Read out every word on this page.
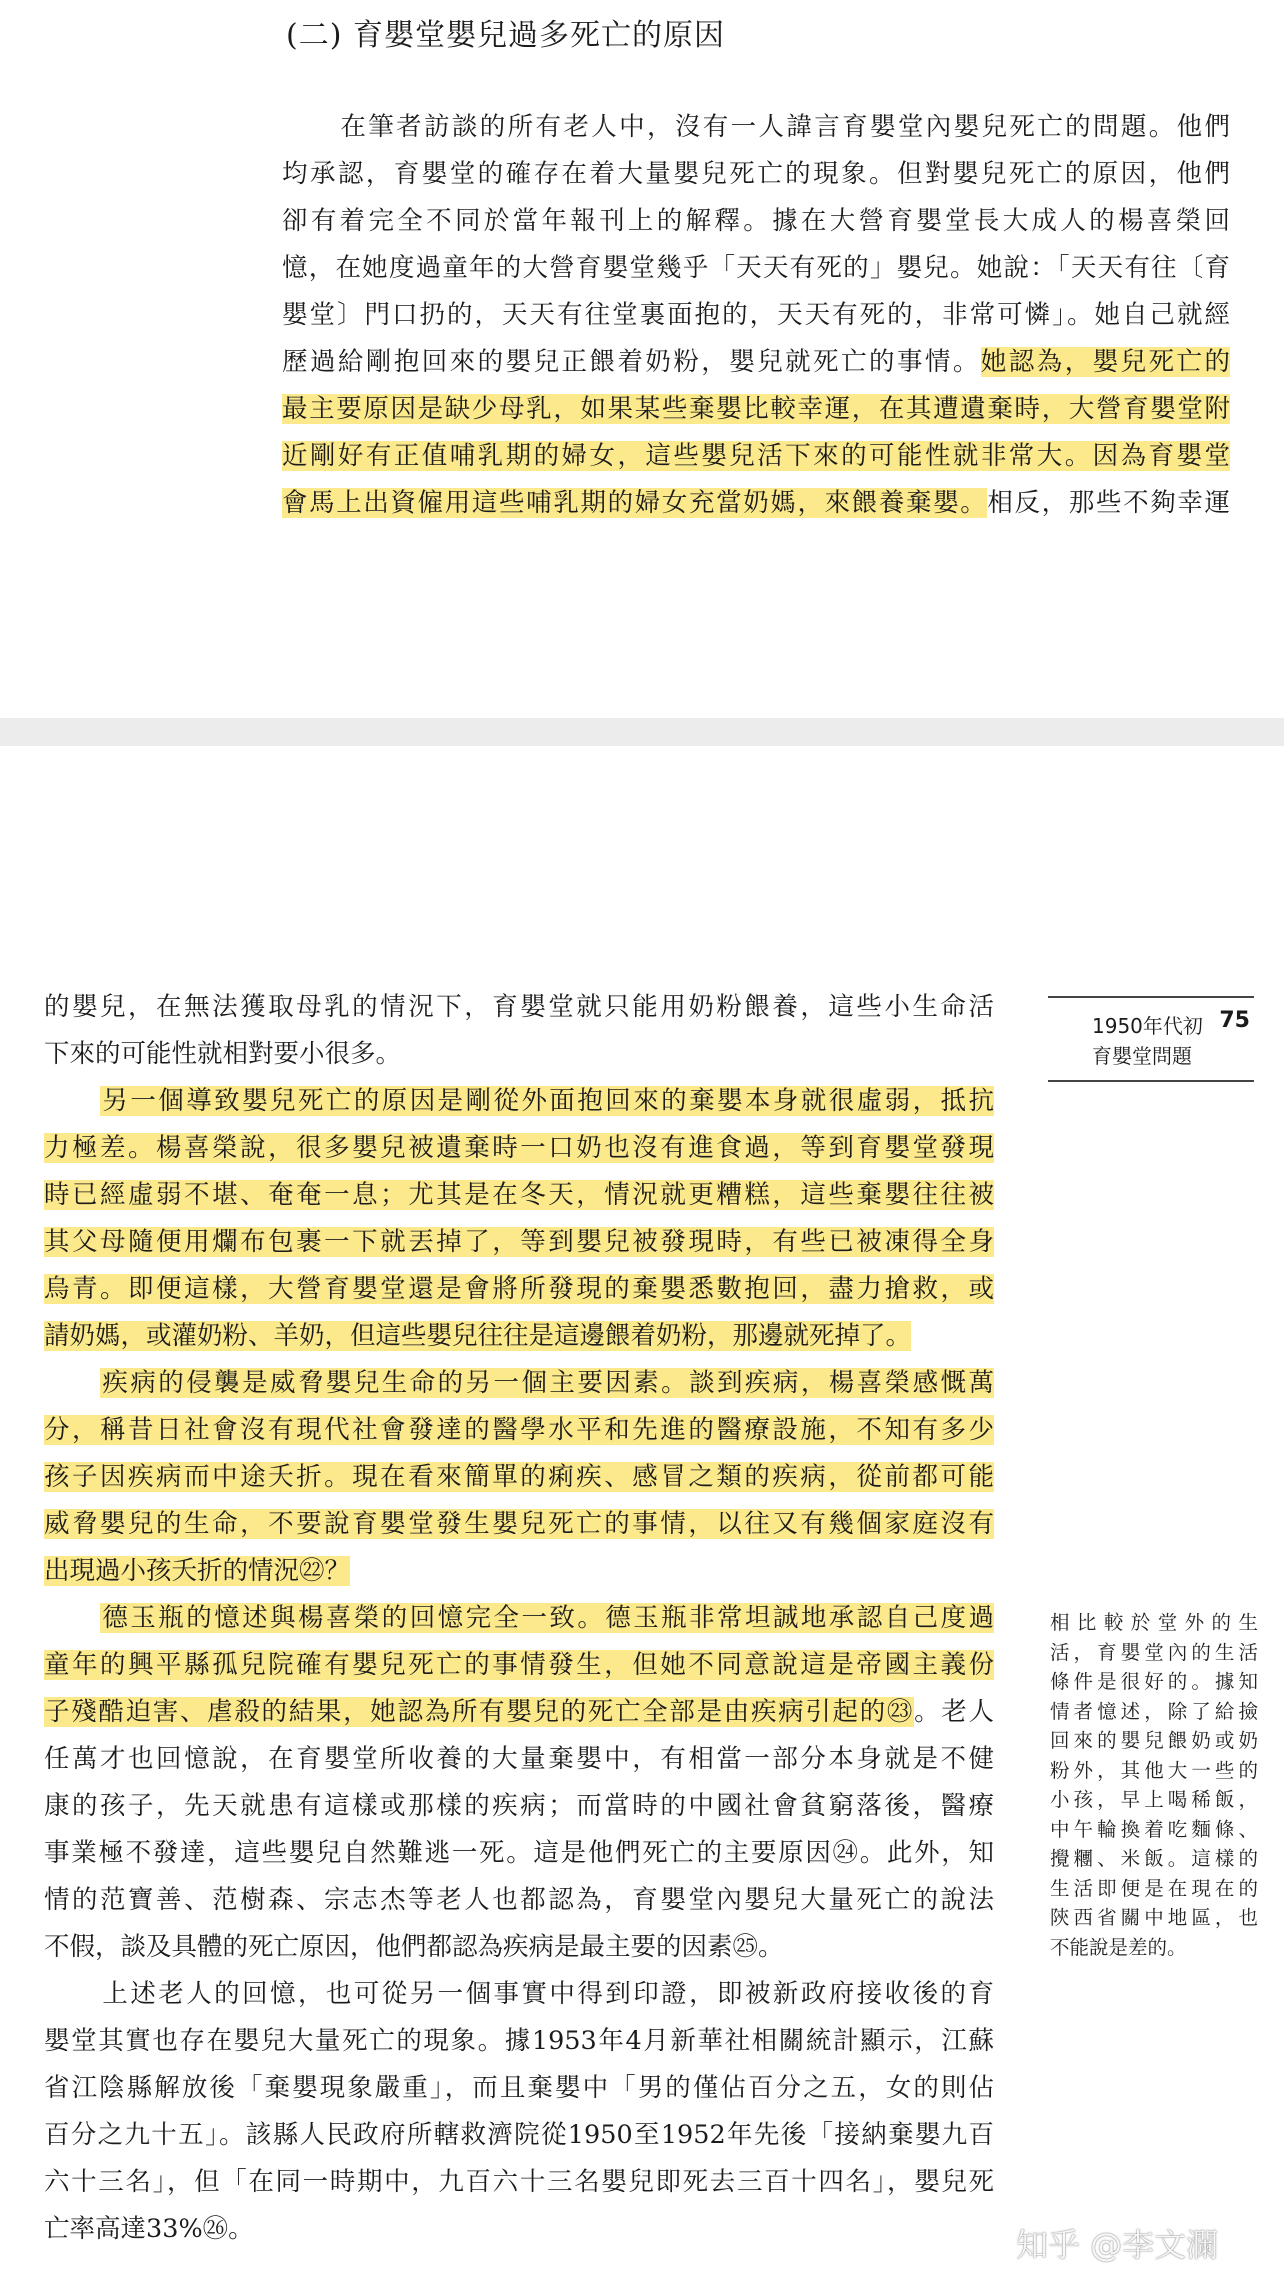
(二) 育嬰堂嬰兒過多死亡的原因
在筆者訪談的所有老人中，沒有一人諱言育嬰堂內嬰兒死亡的問題。他們
均承認，育嬰堂的確存在着大量嬰兒死亡的現象。但對嬰兒死亡的原因，他們
卻有着完全不同於當年報刊上的解釋。據在大營育嬰堂長大成人的楊喜榮回
憶，在她度過童年的大營育嬰堂幾乎「天天有死的」嬰兒。她說：「天天有往〔育
嬰堂〕門口扔的，天天有往堂裏面抱的，天天有死的，非常可憐」。她自己就經
歷過給剛抱回來的嬰兒正餵着奶粉，嬰兒就死亡的事情。她認為，嬰兒死亡的
最主要原因是缺少母乳，如果某些棄嬰比較幸運，在其遭遺棄時，大營育嬰堂附
近剛好有正值哺乳期的婦女，這些嬰兒活下來的可能性就非常大。因為育嬰堂
會馬上出資僱用這些哺乳期的婦女充當奶媽，來餵養棄嬰。相反，那些不夠幸運
的嬰兒，在無法獲取母乳的情況下，育嬰堂就只能用奶粉餵養，這些小生命活
下來的可能性就相對要小很多。
另一個導致嬰兒死亡的原因是剛從外面抱回來的棄嬰本身就很虛弱，抵抗
力極差。楊喜榮說，很多嬰兒被遺棄時一口奶也沒有進食過，等到育嬰堂發現
時已經虛弱不堪、奄奄一息；尤其是在冬天，情況就更糟糕，這些棄嬰往往被
其父母隨便用爛布包裹一下就丟掉了，等到嬰兒被發現時，有些已被凍得全身
烏青。即便這樣，大營育嬰堂還是會將所發現的棄嬰悉數抱回，盡力搶救，或
請奶媽，或灌奶粉、羊奶，但這些嬰兒往往是這邊餵着奶粉，那邊就死掉了。
疾病的侵襲是威脅嬰兒生命的另一個主要因素。談到疾病，楊喜榮感慨萬
分，稱昔日社會沒有現代社會發達的醫學水平和先進的醫療設施，不知有多少
孩子因疾病而中途夭折。現在看來簡單的痢疾、感冒之類的疾病，從前都可能
威脅嬰兒的生命，不要說育嬰堂發生嬰兒死亡的事情，以往又有幾個家庭沒有
出現過小孩夭折的情況㉒？
德玉瓶的憶述與楊喜榮的回憶完全一致。德玉瓶非常坦誠地承認自己度過
童年的興平縣孤兒院確有嬰兒死亡的事情發生，但她不同意說這是帝國主義份
子殘酷迫害、虐殺的結果，她認為所有嬰兒的死亡全部是由疾病引起的㉓。老人
任萬才也回憶說，在育嬰堂所收養的大量棄嬰中，有相當一部分本身就是不健
康的孩子，先天就患有這樣或那樣的疾病；而當時的中國社會貧窮落後，醫療
事業極不發達，這些嬰兒自然難逃一死。這是他們死亡的主要原因㉔。此外，知
情的范寶善、范樹森、宗志杰等老人也都認為，育嬰堂內嬰兒大量死亡的說法
不假，談及具體的死亡原因，他們都認為疾病是最主要的因素㉕。
上述老人的回憶，也可從另一個事實中得到印證，即被新政府接收後的育
嬰堂其實也存在嬰兒大量死亡的現象。據1953年4月新華社相關統計顯示，江蘇
省江陰縣解放後「棄嬰現象嚴重」，而且棄嬰中「男的僅佔百分之五，女的則佔
百分之九十五」。該縣人民政府所轄救濟院從1950至1952年先後「接納棄嬰九百
六十三名」，但「在同一時期中，九百六十三名嬰兒即死去三百十四名」，嬰兒死
亡率高達33%㉖。
1950年代初
育嬰堂問題
75
相比較於堂外的生
活，育嬰堂內的生活
條件是很好的。據知
情者憶述，除了給撿
回來的嬰兒餵奶或奶
粉外，其他大一些的
小孩，早上喝稀飯，
中午輪換着吃麵條、
攪糰、米飯。這樣的
生活即便是在現在的
陝西省關中地區，也
不能說是差的。
知乎 @李文瀾
